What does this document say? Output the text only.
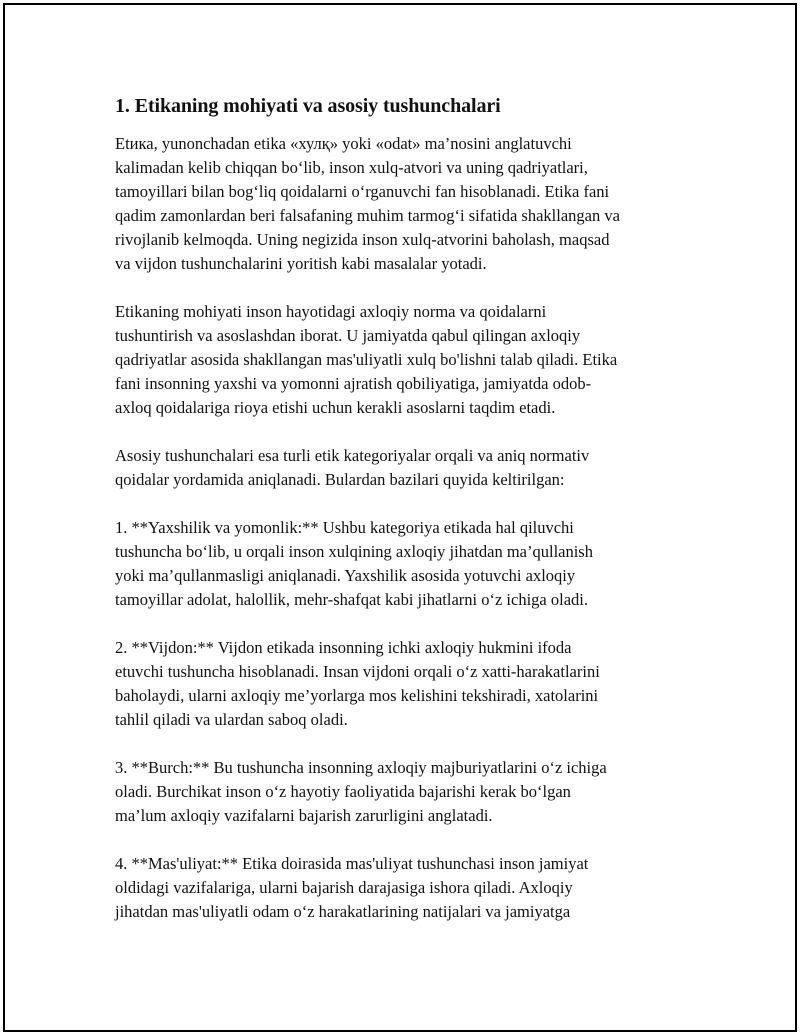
1. Etikaning mohiyati va asosiy tushunchalari

Etика, yunonchadan etika «хулқ» yoki «odat» ma’nosini anglatuvchi

kalimadan kelib chiqqan bo‘lib, inson xulq-atvori va uning qadriyatlari,

tamoyillari bilan bog‘liq qoidalarni o‘rganuvchi fan hisoblanadi. Etika fani

qadim zamonlardan beri falsafaning muhim tarmog‘i sifatida shakllangan va

rivojlanib kelmoqda. Uning negizida inson xulq-atvorini baholash, maqsad

va vijdon tushunchalarini yoritish kabi masalalar yotadi.

Etikaning mohiyati inson hayotidagi axloqiy norma va qoidalarni

tushuntirish va asoslashdan iborat. U jamiyatda qabul qilingan axloqiy

qadriyatlar asosida shakllangan mas'uliyatli xulq bo'lishni talab qiladi. Etika

fani insonning yaxshi va yomonni ajratish qobiliyatiga, jamiyatda odob-

axloq qoidalariga rioya etishi uchun kerakli asoslarni taqdim etadi.

Asosiy tushunchalari esa turli etik kategoriyalar orqali va aniq normativ

qoidalar yordamida aniqlanadi. Bulardan bazilari quyida keltirilgan:

1. **Yaxshilik va yomonlik:** Ushbu kategoriya etikada hal qiluvchi

tushuncha bo‘lib, u orqali inson xulqining axloqiy jihatdan ma’qullanish

yoki ma’qullanmasligi aniqlanadi. Yaxshilik asosida yotuvchi axloqiy

tamoyillar adolat, halollik, mehr-shafqat kabi jihatlarni o‘z ichiga oladi.

2. **Vijdon:** Vijdon etikada insonning ichki axloqiy hukmini ifoda

etuvchi tushuncha hisoblanadi. Insan vijdoni orqali o‘z xatti-harakatlarini

baholaydi, ularni axloqiy me’yorlarga mos kelishini tekshiradi, xatolarini

tahlil qiladi va ulardan saboq oladi.

3. **Burch:** Bu tushuncha insonning axloqiy majburiyatlarini o‘z ichiga

oladi. Burchikat inson o‘z hayotiy faoliyatida bajarishi kerak bo‘lgan

ma’lum axloqiy vazifalarni bajarish zarurligini anglatadi.

4. **Mas'uliyat:** Etika doirasida mas'uliyat tushunchasi inson jamiyat

oldidagi vazifalariga, ularni bajarish darajasiga ishora qiladi. Axloqiy

jihatdan mas'uliyatli odam o‘z harakatlarining natijalari va jamiyatga
